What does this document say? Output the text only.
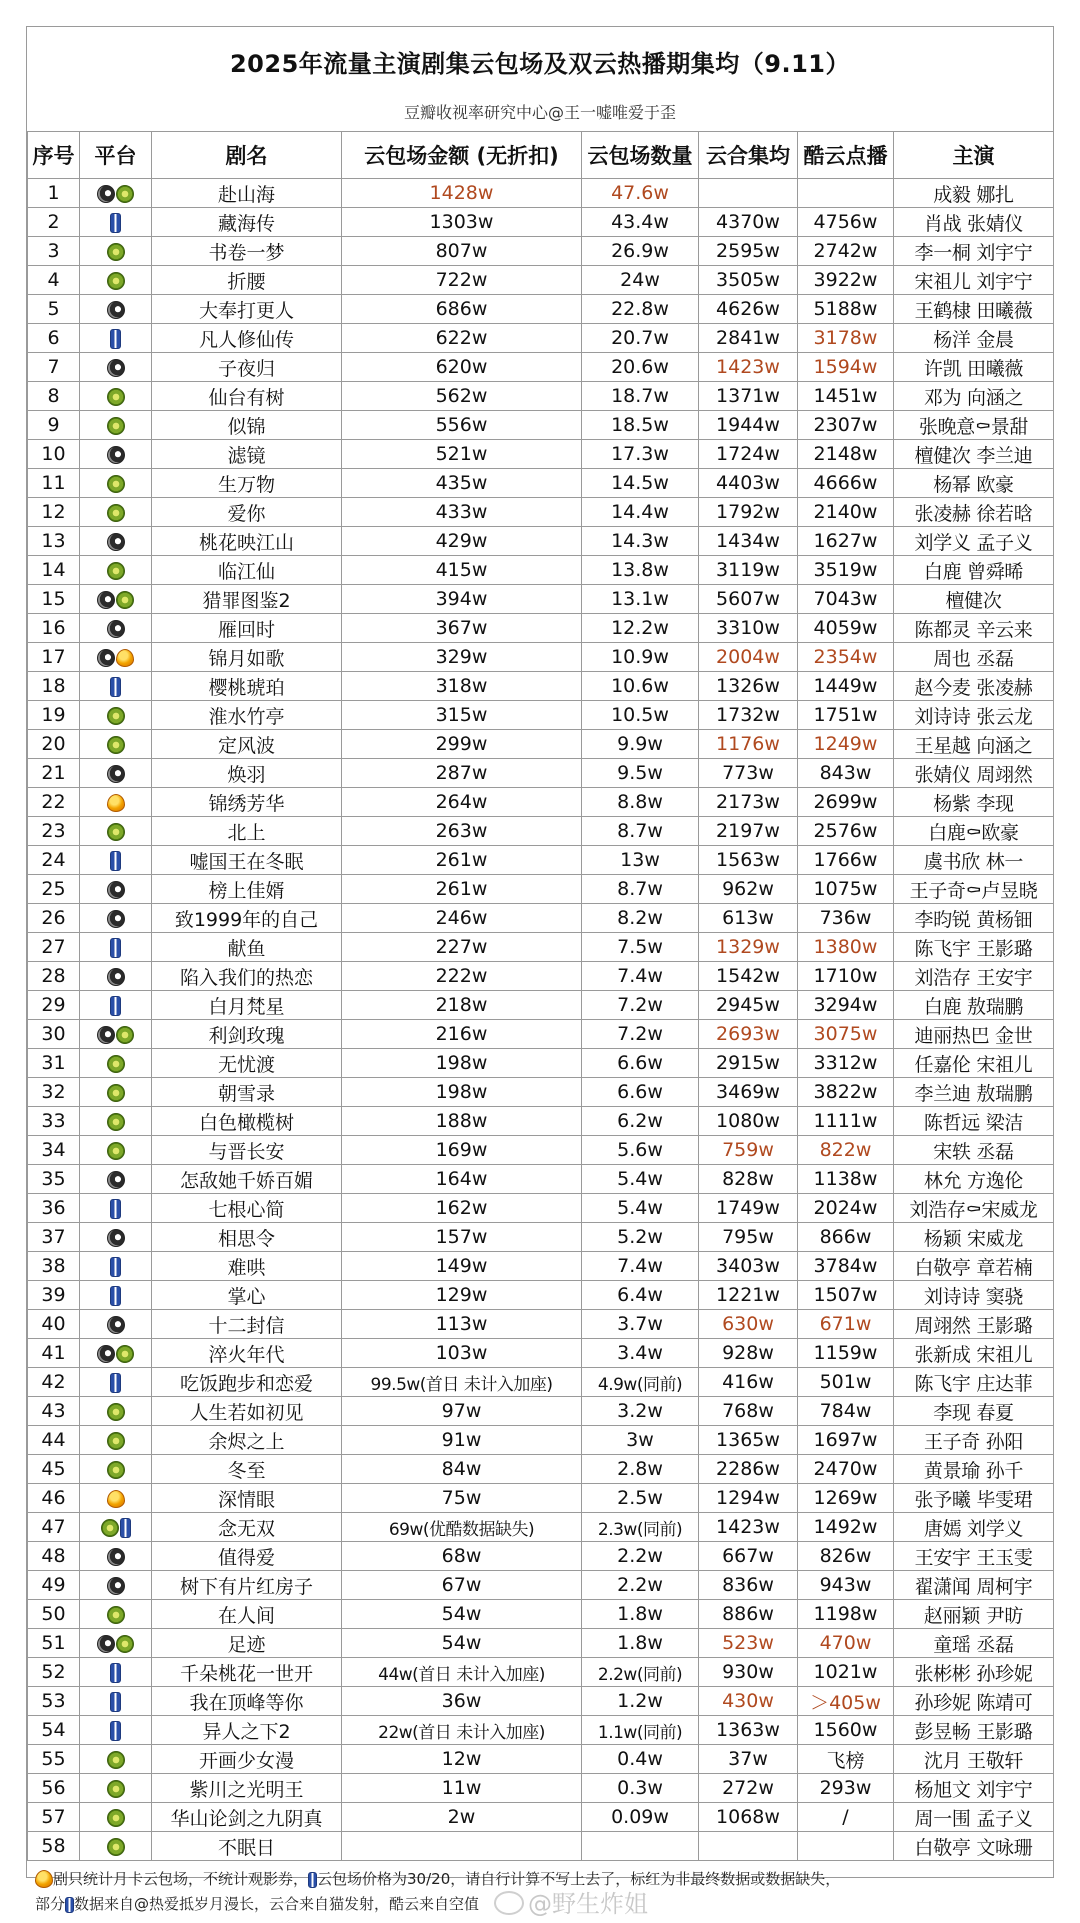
2025年流量主演剧集云包场及双云热播期集均（9.11）
豆瓣收视率研究中心@王一嘘唯爱于歪
序号	平台	剧名	云包场金额 (无折扣)	云包场数量	云合集均	酷云点播	主演
1		赴山海	1428w	47.6w			成毅 娜扎
2		藏海传	1303w	43.4w	4370w	4756w	肖战 张婧仪
3		书卷一梦	807w	26.9w	2595w	2742w	李一桐 刘宇宁
4		折腰	722w	24w	3505w	3922w	宋祖儿 刘宇宁
5		大奉打更人	686w	22.8w	4626w	5188w	王鹤棣 田曦薇
6		凡人修仙传	622w	20.7w	2841w	3178w	杨洋 金晨
7		子夜归	620w	20.6w	1423w	1594w	许凯 田曦薇
8		仙台有树	562w	18.7w	1371w	1451w	邓为 向涵之
9		似锦	556w	18.5w	1944w	2307w	张晚意⚰景甜
10		滤镜	521w	17.3w	1724w	2148w	檀健次 李兰迪
11		生万物	435w	14.5w	4403w	4666w	杨幂 欧豪
12		爱你	433w	14.4w	1792w	2140w	张凌赫 徐若晗
13		桃花映江山	429w	14.3w	1434w	1627w	刘学义 孟子义
14		临江仙	415w	13.8w	3119w	3519w	白鹿 曾舜晞
15		猎罪图鉴2	394w	13.1w	5607w	7043w	檀健次
16		雁回时	367w	12.2w	3310w	4059w	陈都灵 辛云来
17		锦月如歌	329w	10.9w	2004w	2354w	周也 丞磊
18		樱桃琥珀	318w	10.6w	1326w	1449w	赵今麦 张凌赫
19		淮水竹亭	315w	10.5w	1732w	1751w	刘诗诗 张云龙
20		定风波	299w	9.9w	1176w	1249w	王星越 向涵之
21		焕羽	287w	9.5w	773w	843w	张婧仪 周翊然
22		锦绣芳华	264w	8.8w	2173w	2699w	杨紫 李现
23		北上	263w	8.7w	2197w	2576w	白鹿⚰欧豪
24		嘘国王在冬眠	261w	13w	1563w	1766w	虞书欣 林一
25		榜上佳婿	261w	8.7w	962w	1075w	王子奇⚰卢昱晓
26		致1999年的自己	246w	8.2w	613w	736w	李昀锐 黄杨钿
27		献鱼	227w	7.5w	1329w	1380w	陈飞宇 王影璐
28		陷入我们的热恋	222w	7.4w	1542w	1710w	刘浩存 王安宇
29		白月梵星	218w	7.2w	2945w	3294w	白鹿 敖瑞鹏
30		利剑玫瑰	216w	7.2w	2693w	3075w	迪丽热巴 金世
31		无忧渡	198w	6.6w	2915w	3312w	任嘉伦 宋祖儿
32		朝雪录	198w	6.6w	3469w	3822w	李兰迪 敖瑞鹏
33		白色橄榄树	188w	6.2w	1080w	1111w	陈哲远 梁洁
34		与晋长安	169w	5.6w	759w	822w	宋轶 丞磊
35		怎敌她千娇百媚	164w	5.4w	828w	1138w	林允 方逸伦
36		七根心简	162w	5.4w	1749w	2024w	刘浩存⚰宋威龙
37		相思令	157w	5.2w	795w	866w	杨颖 宋威龙
38		难哄	149w	7.4w	3403w	3784w	白敬亭 章若楠
39		掌心	129w	6.4w	1221w	1507w	刘诗诗 窦骁
40		十二封信	113w	3.7w	630w	671w	周翊然 王影璐
41		淬火年代	103w	3.4w	928w	1159w	张新成 宋祖儿
42		吃饭跑步和恋爱	99.5w(首日 未计入加座)	4.9w(同前)	416w	501w	陈飞宇 庄达菲
43		人生若如初见	97w	3.2w	768w	784w	李现 春夏
44		余烬之上	91w	3w	1365w	1697w	王子奇 孙阳
45		冬至	84w	2.8w	2286w	2470w	黄景瑜 孙千
46		深情眼	75w	2.5w	1294w	1269w	张予曦 毕雯珺
47		念无双	69w(优酷数据缺失)	2.3w(同前)	1423w	1492w	唐嫣 刘学义
48		值得爱	68w	2.2w	667w	826w	王安宇 王玉雯
49		树下有片红房子	67w	2.2w	836w	943w	翟潇闻 周柯宇
50		在人间	54w	1.8w	886w	1198w	赵丽颖 尹昉
51		足迹	54w	1.8w	523w	470w	童瑶 丞磊
52		千朵桃花一世开	44w(首日 未计入加座)	2.2w(同前)	930w	1021w	张彬彬 孙珍妮
53		我在顶峰等你	36w	1.2w	430w	＞405w	孙珍妮 陈靖可
54		异人之下2	22w(首日 未计入加座)	1.1w(同前)	1363w	1560w	彭昱畅 王影璐
55		开画少女漫	12w	0.4w	37w	飞榜	沈月 王敬轩
56		紫川之光明王	11w	0.3w	272w	293w	杨旭文 刘宇宁
57		华山论剑之九阴真	2w	0.09w	1068w	/	周一围 孟子义
58		不眠日					白敬亭 文咏珊
剧只统计月卡云包场，不统计观影券， 云包场价格为30/20，请自行计算不写上去了，标红为非最终数据或数据缺失，
部分 数据来自@热爱抵岁月漫长，云合来自猫发射，酷云来自空值	@野生炸姐
